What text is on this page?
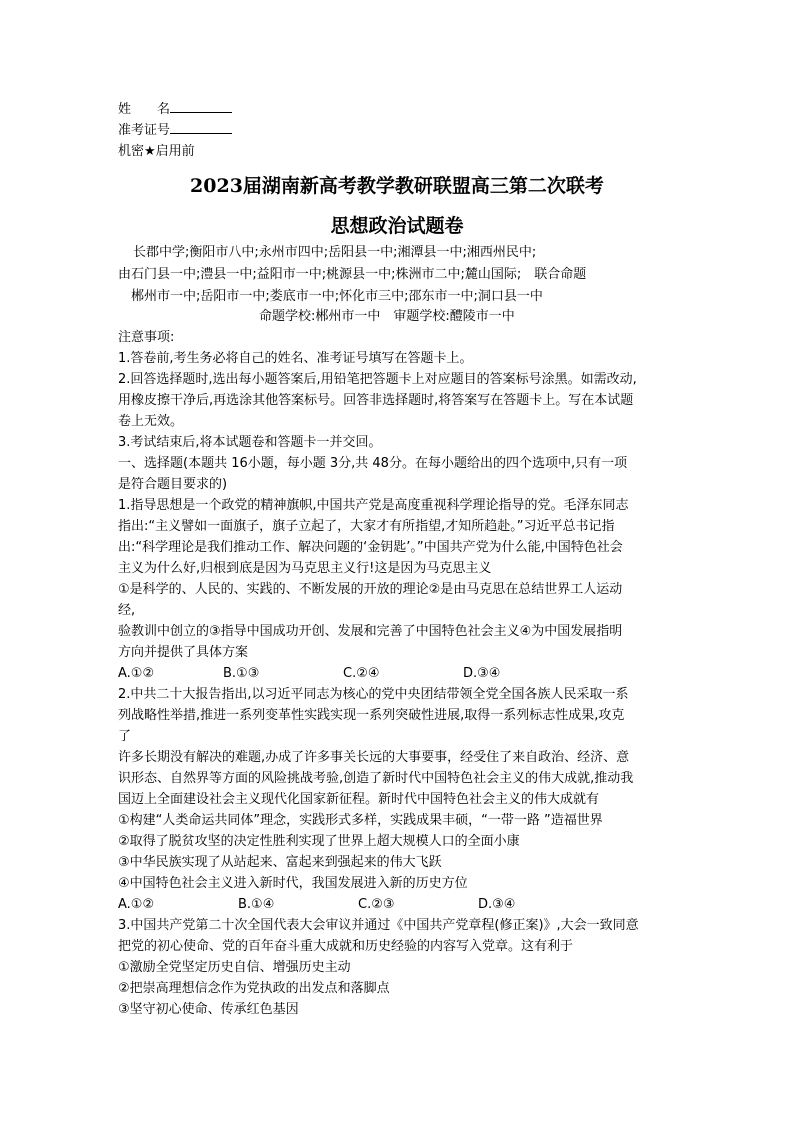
姓　　名
准考证号
机密★启用前
2023届湖南新高考教学教研联盟高三第二次联考
思想政治试题卷
长郡中学;衡阳市八中;永州市四中;岳阳县一中;湘潭县一中;湘西州民中;
由石门县一中;澧县一中;益阳市一中;桃源县一中;株洲市二中;麓山国际;　联合命题
郴州市一中;岳阳市一中;娄底市一中;怀化市三中;邵东市一中;洞口县一中
命题学校:郴州市一中　审题学校:醴陵市一中
注意事项:
1.答卷前,考生务必将自己的姓名、准考证号填写在答题卡上。
2.回答选择题时,选出每小题答案后,用铅笔把答题卡上对应题目的答案标号涂黑。如需改动,
用橡皮擦干净后,再选涂其他答案标号。回答非选择题时,将答案写在答题卡上。写在本试题
卷上无效。
3.考试结束后,将本试题卷和答题卡一并交回。
一、选择题(本题共 16小题，每小题 3分,共 48分。在每小题给出的四个选项中,只有一项
是符合题目要求的)
1.指导思想是一个政党的精神旗帜,中国共产党是高度重视科学理论指导的党。毛泽东同志
指出:“主义譬如一面旗子，旗子立起了，大家才有所指望,才知所趋赴。”习近平总书记指
出:“科学理论是我们推动工作、解决问题的‘金钥匙’。”中国共产党为什么能,中国特色社会
主义为什么好,归根到底是因为马克思主义行!这是因为马克思主义
①是科学的、人民的、实践的、不断发展的开放的理论②是由马克思在总结世界工人运动
经,
验教训中创立的③指导中国成功开创、发展和完善了中国特色社会主义④为中国发展指明
方向并提供了具体方案
A.①②	B.①③	C.②④	D.③④
2.中共二十大报告指出,以习近平同志为核心的党中央团结带领全党全国各族人民采取一系
列战略性举措,推进一系列变革性实践实现一系列突破性进展,取得一系列标志性成果,攻克
了
许多长期没有解决的难题,办成了许多事关长远的大事要事，经受住了来自政治、经济、意
识形态、自然界等方面的风险挑战考验,创造了新时代中国特色社会主义的伟大成就,推动我
国迈上全面建设社会主义现代化国家新征程。新时代中国特色社会主义的伟大成就有
①构建“人类命运共同体”理念，实践形式多样，实践成果丰硕，“一带一路 ”造福世界
②取得了脱贫攻坚的决定性胜利实现了世界上超大规模人口的全面小康
③中华民族实现了从站起来、富起来到强起来的伟大飞跃
④中国特色社会主义进入新时代，我国发展进入新的历史方位
A.①②	B.①④	C.②③	D.③④
3.中国共产党第二十次全国代表大会审议并通过《中国共产党章程(修正案)》,大会一致同意
把党的初心使命、党的百年奋斗重大成就和历史经验的内容写入党章。这有利于
①激励全党坚定历史自信、增强历史主动
②把崇高理想信念作为党执政的出发点和落脚点
③坚守初心使命、传承红色基因
